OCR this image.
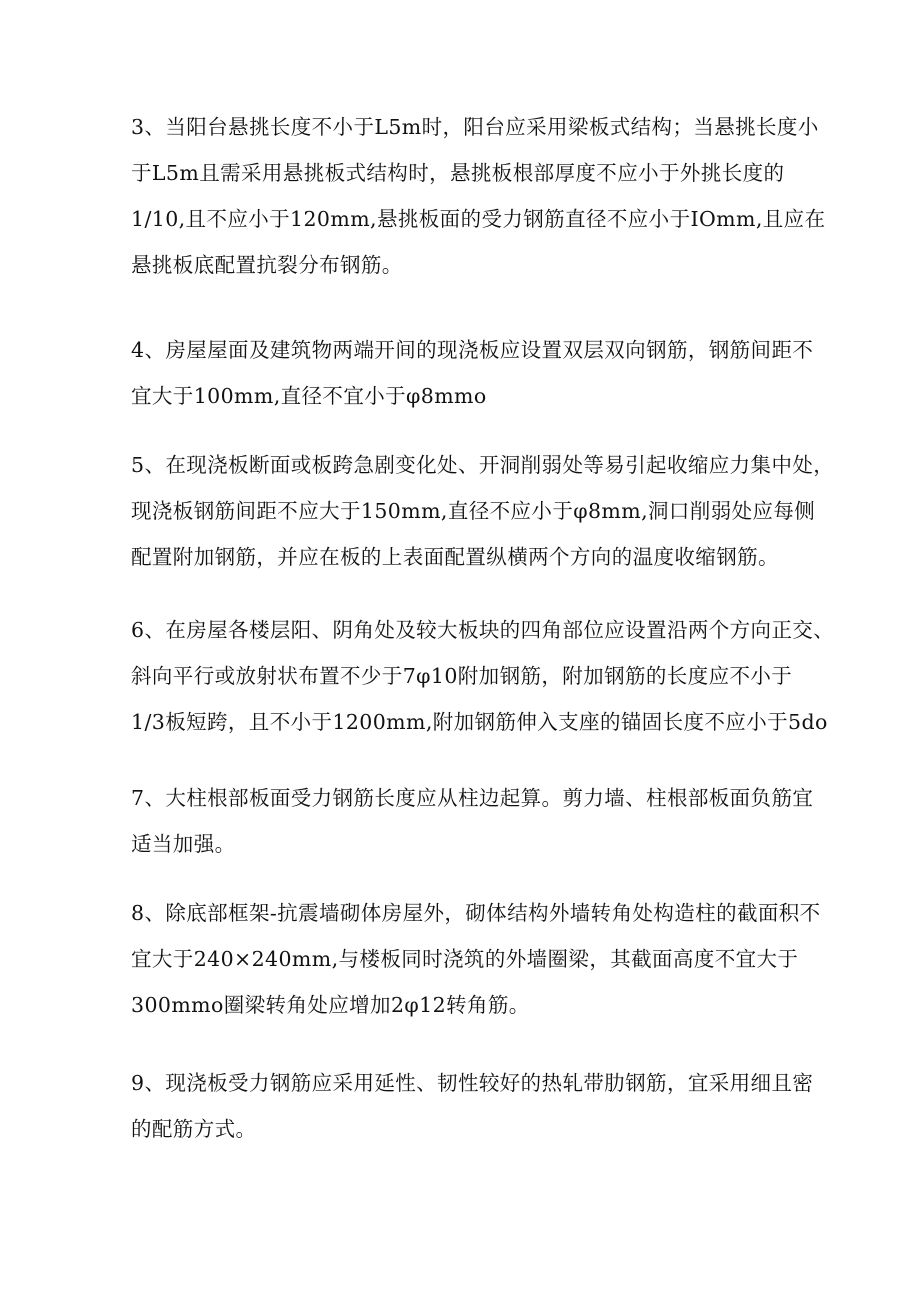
3、当阳台悬挑长度不小于L5m时，阳台应采用梁板式结构；当悬挑长度小
于L5m且需采用悬挑板式结构时，悬挑板根部厚度不应小于外挑长度的
1/10,且不应小于120mm,悬挑板面的受力钢筋直径不应小于IOmm,且应在
悬挑板底配置抗裂分布钢筋。

4、房屋屋面及建筑物两端开间的现浇板应设置双层双向钢筋，钢筋间距不
宜大于100mm,直径不宜小于φ8mmo

5、在现浇板断面或板跨急剧变化处、开洞削弱处等易引起收缩应力集中处，
现浇板钢筋间距不应大于150mm,直径不应小于φ8mm,洞口削弱处应每侧
配置附加钢筋，并应在板的上表面配置纵横两个方向的温度收缩钢筋。

6、在房屋各楼层阳、阴角处及较大板块的四角部位应设置沿两个方向正交、
斜向平行或放射状布置不少于7φ10附加钢筋，附加钢筋的长度应不小于
1/3板短跨，且不小于1200mm,附加钢筋伸入支座的锚固长度不应小于5do

7、大柱根部板面受力钢筋长度应从柱边起算。剪力墙、柱根部板面负筋宜
适当加强。

8、除底部框架-抗震墙砌体房屋外，砌体结构外墙转角处构造柱的截面积不
宜大于240×240mm,与楼板同时浇筑的外墙圈梁，其截面高度不宜大于
300mmo圈梁转角处应增加2φ12转角筋。

9、现浇板受力钢筋应采用延性、韧性较好的热轧带肋钢筋，宜采用细且密
的配筋方式。
